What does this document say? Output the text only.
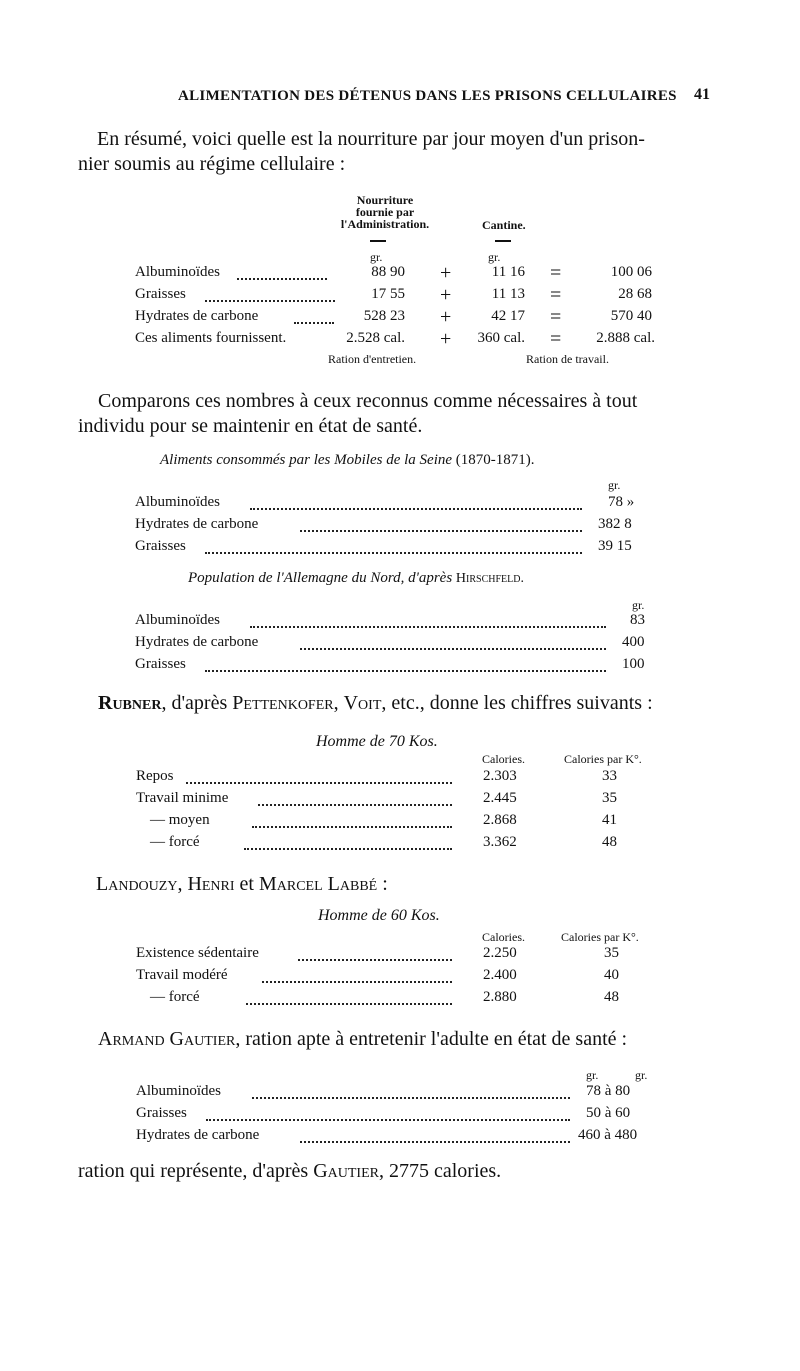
ALIMENTATION DES DÉTENUS DANS LES PRISONS CELLULAIRES 41
En résumé, voici quelle est la nourriture par jour moyen d'un prison-
nier soumis au régime cellulaire :
Nourriture
fournie par
l'Administration.	Cantine.
gr.	gr.
Albuminoïdes	88 90 +	11 16 =	100 06
Graisses	17 55 +	11 13 =	28 68
Hydrates de carbone	528 23 +	42 17 =	570 40
Ces aliments fournissent.	2.528 cal. +	360 cal. =	2.888 cal.
Ration d'entretien.	Ration de travail.
Comparons ces nombres à ceux reconnus comme nécessaires à tout
individu pour se maintenir en état de santé.
Aliments consommés par les Mobiles de la Seine (1870-1871).
gr.
Albuminoïdes	78 »
Hydrates de carbone	382 8
Graisses	39 15
Population de l'Allemagne du Nord, d'après Hirschfeld.
gr.
Albuminoïdes	83
Hydrates de carbone	400
Graisses	100
Rubner, d'après Pettenkofer, Voit, etc., donne les chiffres suivants :
Homme de 70 Kos.
Calories.	Calories par K°.
Repos	2.303	33
Travail minime	2.445	35
— moyen	2.868	41
— forcé	3.362	48
Landouzy, Henri et Marcel Labbé :
Homme de 60 Kos.
Calories.	Calories par K°.
Existence sédentaire	2.250	35
Travail modéré	2.400	40
— forcé	2.880	48
Armand Gautier, ration apte à entretenir l'adulte en état de santé :
gr.	gr.
Albuminoïdes	78 à 80
Graisses	50 à 60
Hydrates de carbone	460 à 480
ration qui représente, d'après Gautier, 2775 calories.
